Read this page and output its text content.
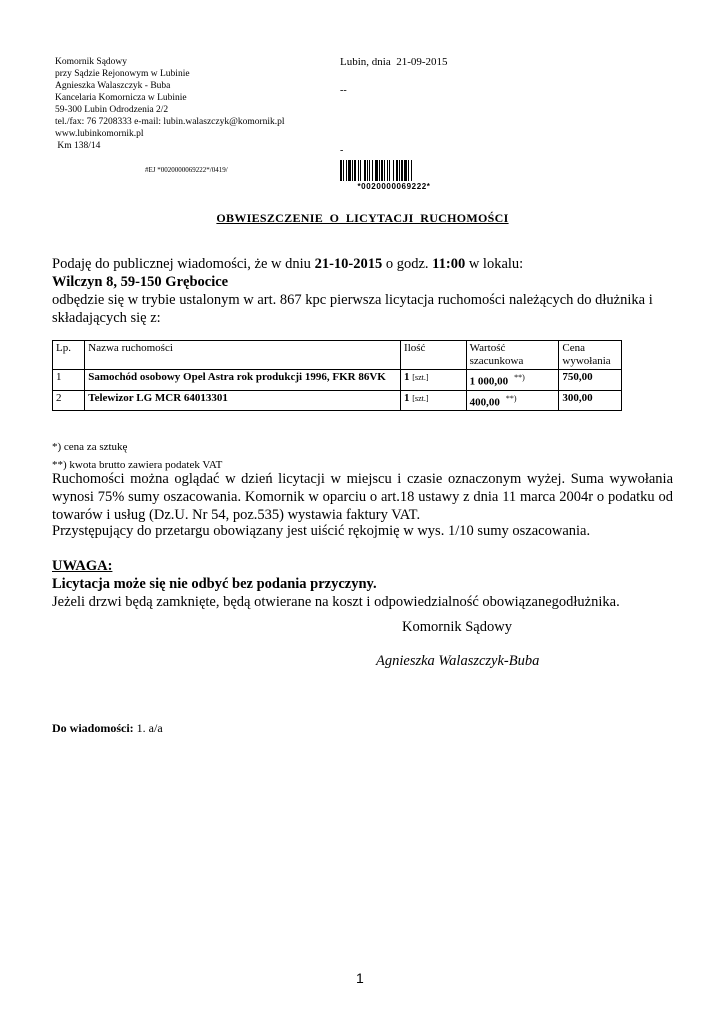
Komornik Sądowy
przy Sądzie Rejonowym w Lubinie
Agnieszka Walaszczyk - Buba
Kancelaria Komornicza w Lubinie
59-300 Lubin Odrodzenia 2/2
tel./fax: 76 7208333 e-mail: lubin.walaszczyk@komornik.pl
www.lubinkomornik.pl
Km 138/14
Lubin, dnia  21-09-2015
--
-
#EJ *0020000069222*/0419/
*0020000069222*
OBWIESZCZENIE  O  LICYTACJI  RUCHOMOŚCI
Podaję do publicznej wiadomości, że w dniu 21-10-2015 o godz. 11:00 w lokalu:
Wilczyn 8, 59-150 Grębocice
odbędzie się w trybie ustalonym w art. 867 kpc pierwsza licytacja ruchomości należących do dłużnika i składających się z:
Lp.	Nazwa ruchomości	Ilość	Wartość szacunkowa	Cena wywołania
1	Samochód osobowy Opel Astra rok produkcji 1996, FKR 86VK	1 [szt.]	1 000,00 **)	750,00
2	Telewizor LG MCR 64013301	1 [szt.]	400,00 **)	300,00
*) cena za sztukę
**) kwota brutto zawiera podatek VAT
Ruchomości można oglądać w dzień licytacji w miejscu i czasie oznaczonym wyżej. Suma wywołania wynosi 75% sumy oszacowania. Komornik w oparciu o art.18 ustawy z dnia 11 marca 2004r o podatku od towarów i usług (Dz.U. Nr 54, poz.535) wystawia faktury VAT.
Przystępujący do przetargu obowiązany jest uiścić rękojmię w wys. 1/10 sumy oszacowania.
UWAGA:
Licytacja może się nie odbyć bez podania przyczyny.
Jeżeli drzwi będą zamknięte, będą otwierane na koszt i odpowiedzialność obowiązanegodłużnika.
Komornik Sądowy
Agnieszka Walaszczyk-Buba
Do wiadomości: 1. a/a
1
